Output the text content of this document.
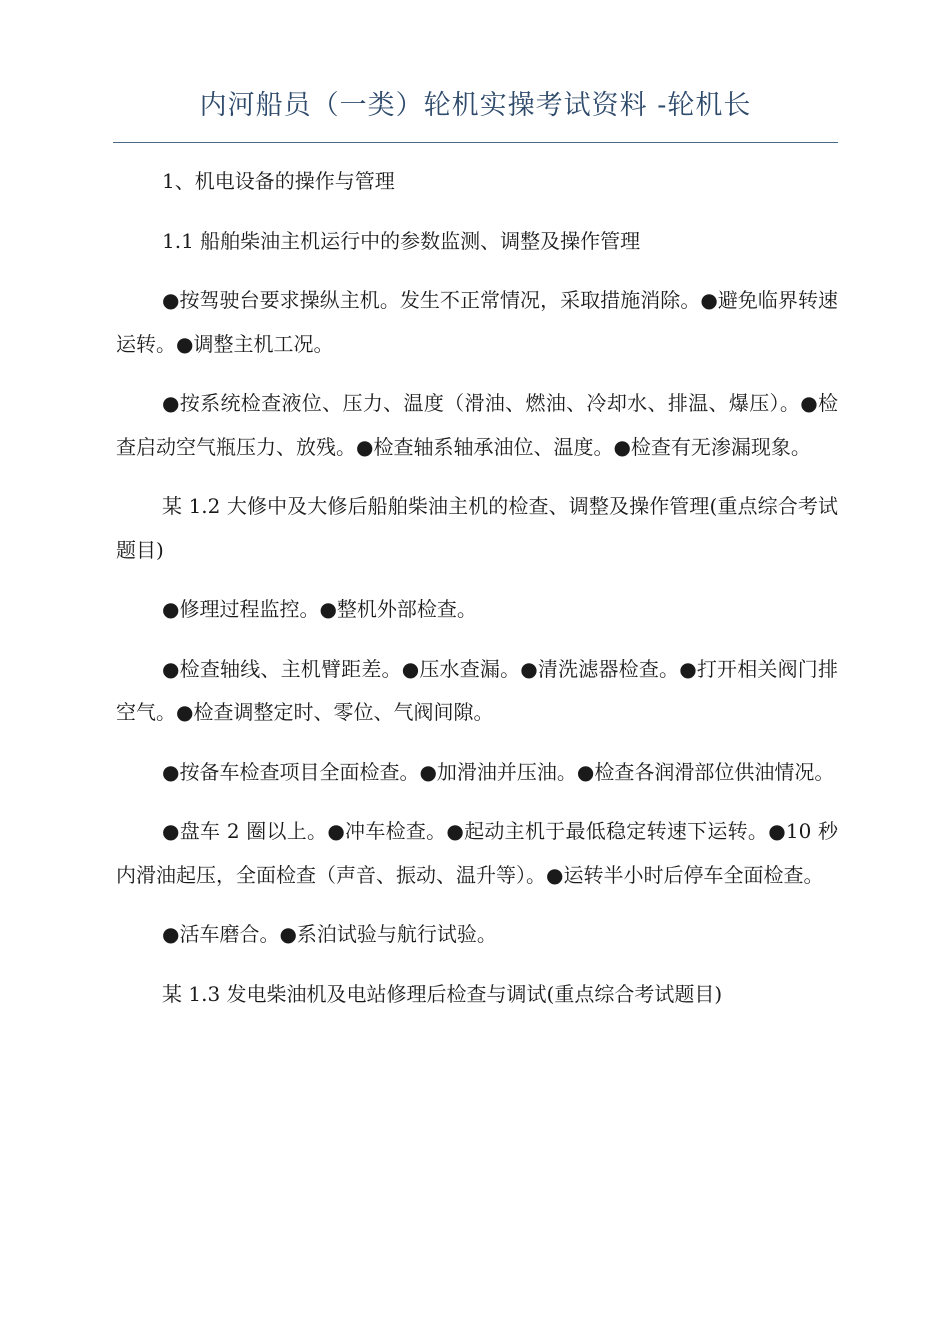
内河船员（一类）轮机实操考试资料 -轮机长

1、机电设备的操作与管理

1.1 船舶柴油主机运行中的参数监测、调整及操作管理

●按驾驶台要求操纵主机。发生不正常情况，采取措施消除。●避免临界转速运转。●调整主机工况。

●按系统检查液位、压力、温度（滑油、燃油、冷却水、排温、爆压）。●检查启动空气瓶压力、放残。●检查轴系轴承油位、温度。●检查有无渗漏现象。

某 1.2 大修中及大修后船舶柴油主机的检查、调整及操作管理(重点综合考试题目)

●修理过程监控。●整机外部检查。

●检查轴线、主机臂距差。●压水查漏。●清洗滤器检查。●打开相关阀门排空气。●检查调整定时、零位、气阀间隙。

●按备车检查项目全面检查。●加滑油并压油。●检查各润滑部位供油情况。

●盘车 2 圈以上。●冲车检查。●起动主机于最低稳定转速下运转。●10 秒内滑油起压，全面检查（声音、振动、温升等）。●运转半小时后停车全面检查。

●活车磨合。●系泊试验与航行试验。

某 1.3 发电柴油机及电站修理后检查与调试(重点综合考试题目)
